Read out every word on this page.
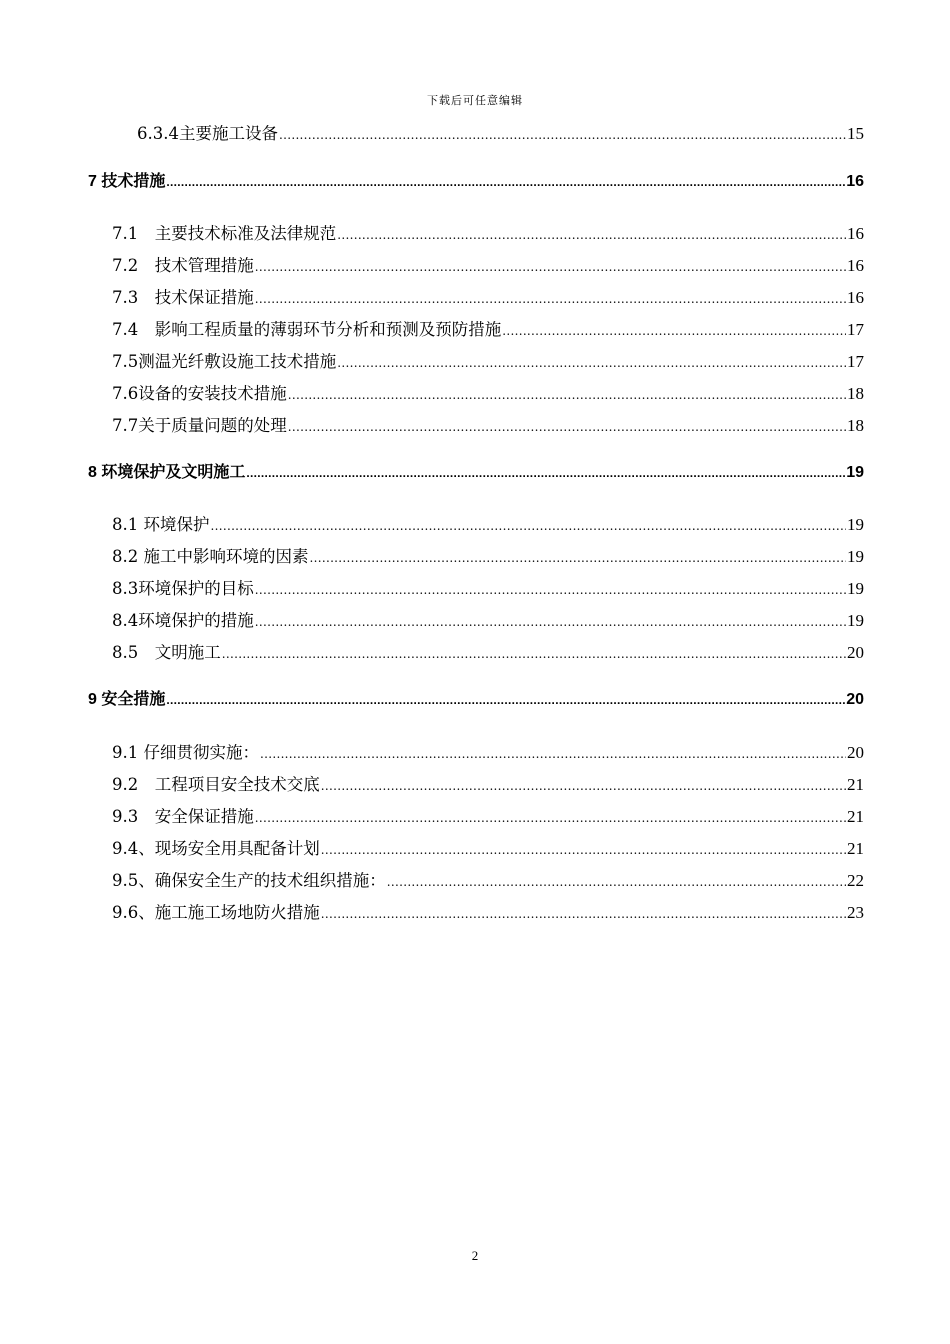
下载后可任意编辑
6.3.4主要施工设备 .....	15
7 技术措施 .....	16
7.1　主要技术标准及法律规范 .....	16
7.2　技术管理措施 .....	16
7.3　技术保证措施 .....	16
7.4　影响工程质量的薄弱环节分析和预测及预防措施 .....	17
7.5测温光纤敷设施工技术措施 .....	17
7.6设备的安装技术措施 .....	18
7.7关于质量问题的处理 .....	18
8 环境保护及文明施工 .....	19
8.1 环境保护 .....	19
8.2 施工中影响环境的因素 .....	19
8.3环境保护的目标 .....	19
8.4环境保护的措施 .....	19
8.5　文明施工 .....	20
9 安全措施 .....	20
9.1 仔细贯彻实施： .....	20
9.2　工程项目安全技术交底 .....	21
9.3　安全保证措施 .....	21
9.4、现场安全用具配备计划 .....	21
9.5、确保安全生产的技术组织措施： .....	22
9.6、施工施工场地防火措施 .....	23
2
